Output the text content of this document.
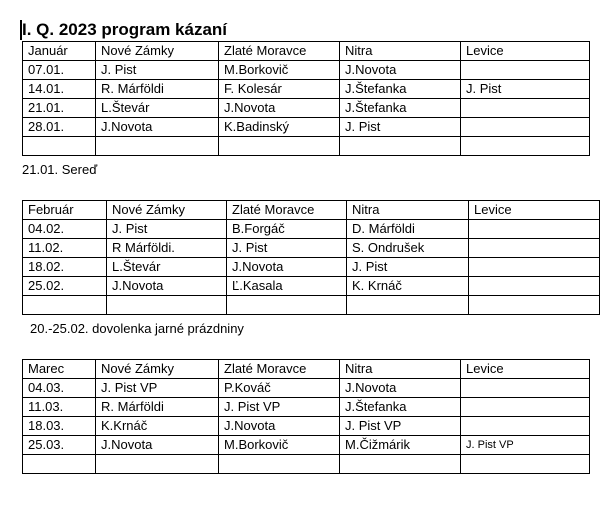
I. Q. 2023 program kázaní
Január	Nové Zámky	Zlaté Moravce	Nitra	Levice
07.01.	J. Pist	M.Borkovič	J.Novota	
14.01.	R. Márföldi	F. Kolesár	J.Štefanka	J. Pist
21.01.	L.Števár	J.Novota	J.Štefanka	
28.01.	J.Novota	K.Badinský	J. Pist	

21.01. Sereď
Február	Nové Zámky	Zlaté Moravce	Nitra	Levice
04.02.	J. Pist	B.Forgáč	D. Márföldi	
11.02.	R Márföldi.	J. Pist	S. Ondrušek	
18.02.	L.Števár	J.Novota	J. Pist	
25.02.	J.Novota	Ľ.Kasala	K. Krnáč	

20.-25.02. dovolenka jarné prázdniny
Marec	Nové Zámky	Zlaté Moravce	Nitra	Levice
04.03.	J. Pist VP	P.Kováč	J.Novota	
11.03.	R. Márföldi	J. Pist VP	J.Štefanka	
18.03.	K.Krnáč	J.Novota	J. Pist VP	
25.03.	J.Novota	M.Borkovič	M.Čižmárik	J. Pist VP
